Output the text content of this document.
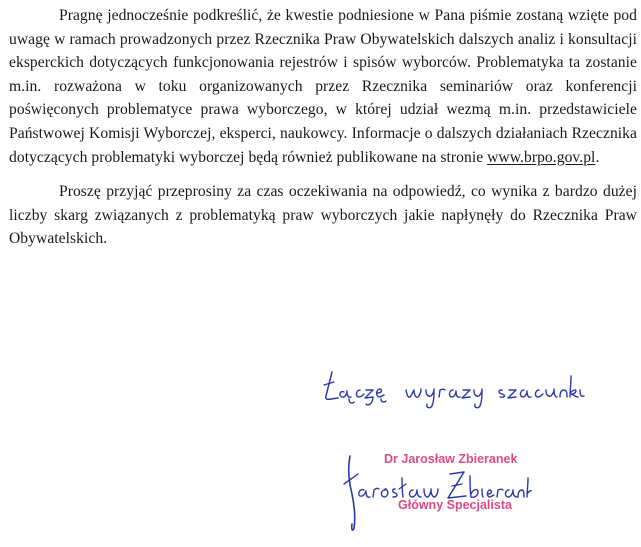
Pragnę jednocześnie podkreślić, że kwestie podniesione w Pana piśmie zostaną wzięte pod uwagę w ramach prowadzonych przez Rzecznika Praw Obywatelskich dalszych analiz i konsultacji eksperckich dotyczących funkcjonowania rejestrów i spisów wyborców. Problematyka ta zostanie m.in. rozważona w toku organizowanych przez Rzecznika seminariów oraz konferencji poświęconych problematyce prawa wyborczego, w której udział wezmą m.in. przedstawiciele Państwowej Komisji Wyborczej, eksperci, naukowcy. Informacje o dalszych działaniach Rzecznika dotyczących problematyki wyborczej będą również publikowane na stronie www.brpo.gov.pl.

Proszę przyjąć przeprosiny za czas oczekiwania na odpowiedź, co wynika z bardzo dużej liczby skarg związanych z problematyką praw wyborczych jakie napłynęły do Rzecznika Praw Obywatelskich.

Dr Jarosław Zbieranek
Główny Specjalista
